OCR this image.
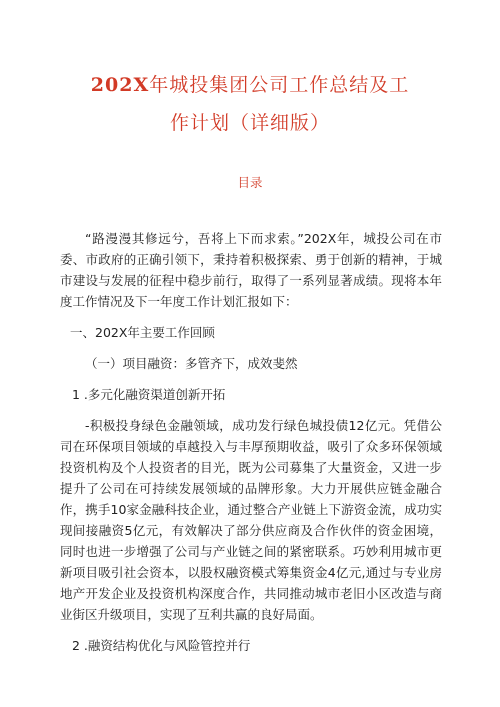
202X年城投集团公司工作总结及工
作计划（详细版）
目录

“路漫漫其修远兮，吾将上下而求索。”202X年，城投公司在市委、市政府的正确引领下，秉持着积极探索、勇于创新的精神，于城市建设与发展的征程中稳步前行，取得了一系列显著成绩。现将本年度工作情况及下一年度工作计划汇报如下：

一、202X年主要工作回顾

（一）项目融资：多管齐下，成效斐然

1 .多元化融资渠道创新开拓

-积极投身绿色金融领域，成功发行绿色城投债12亿元。凭借公司在环保项目领域的卓越投入与丰厚预期收益，吸引了众多环保领域投资机构及个人投资者的目光，既为公司募集了大量资金，又进一步提升了公司在可持续发展领域的品牌形象。大力开展供应链金融合作，携手10家金融科技企业，通过整合产业链上下游资金流，成功实现间接融资5亿元，有效解决了部分供应商及合作伙伴的资金困境，同时也进一步增强了公司与产业链之间的紧密联系。巧妙利用城市更新项目吸引社会资本，以股权融资模式筹集资金4亿元,通过与专业房地产开发企业及投资机构深度合作，共同推动城市老旧小区改造与商业街区升级项目，实现了互利共赢的良好局面。

2 .融资结构优化与风险管控并行
